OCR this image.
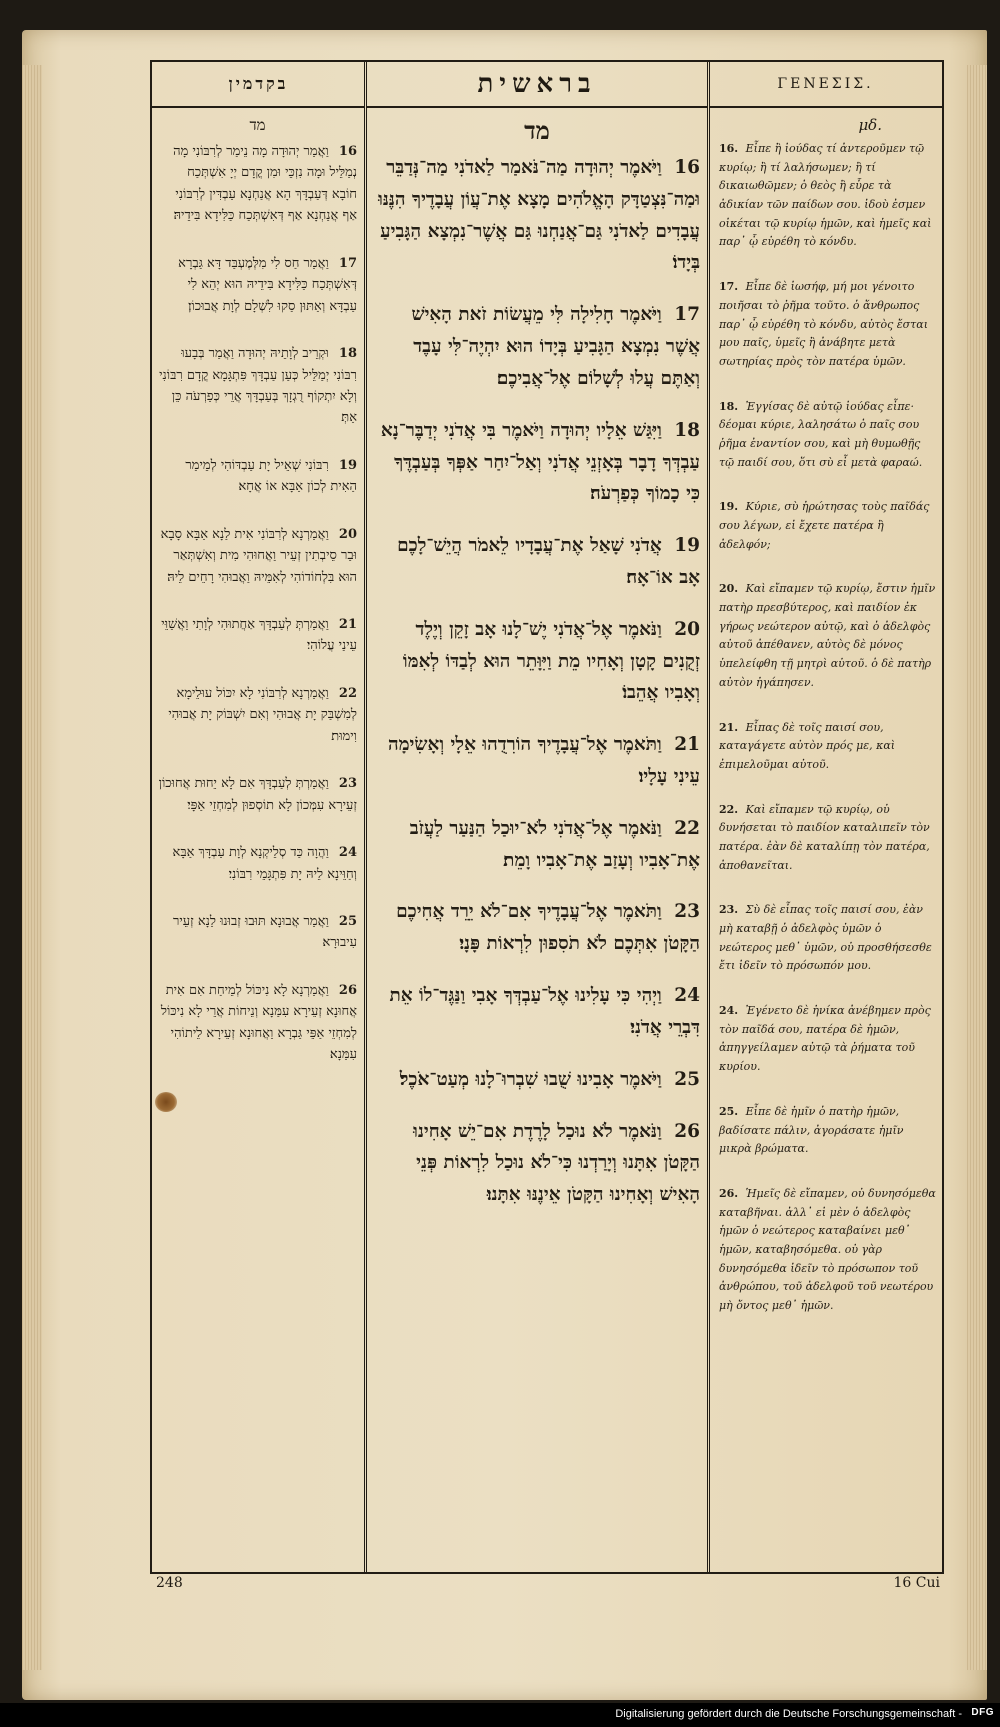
בקדמין	בראשית	ΓΕΝΕΣΙΣ.
מד
16 וַאֲמַר יְהוּדָה מָה נֵימַר לְרִבּוֹנִי מָה נְמַלֵּיל וּמָה נִזְכֵּי וּמִן קֳדָם יְיָ אִשְׁתְּכַח חוֹבָא דְּעַבְדָּךְ הָא אֲנַחְנָא עַבְדִּין לְרִבּוֹנִי אַף אֲנַחְנָא אַף דְּאִשְׁתְּכַח כַּלִּידָא בִּידֵיהּ׃
17 וַאֲמַר חַס לִי מִלְּמֶעְבַּד דָּא גַּבְרָא דְּאִשְׁתְּכַח כַּלִּידָא בִּידֵיהּ הוּא יְהֵא לִי עַבְדָּא וְאַתּוּן סַקוּ לִשְׁלָם לְוָת אֲבוּכוֹן׃
18 וּקְרֵיב לְוָתֵיהּ יְהוּדָה וַאֲמַר בְּבָעוּ רִבּוֹנִי יְמַלֵּיל כְּעַן עַבְדָּךְ פִּתְגָּמָא קֳדָם רִבּוֹנִי וְלָא יִתְקוֹף רֻגְזָךְ בְּעַבְדָּךְ אֲרֵי כְּפַרְעֹה כֵּן אַתְּ׃
19 רִבּוֹנִי שְׁאֵיל יָת עַבְדּוֹהִי לְמֵימַר הַאִית לְכוֹן אַבָּא אוֹ אֲחָא׃
20 וַאֲמַרְנָא לְרִבּוֹנִי אִית לַנָא אַבָּא סָבָא וּבַר סֵיבְתִין זְעֵיר וַאֲחוּהִי מִית וְאִשְׁתְּאַר הוּא בִּלְחוֹדוֹהִי לְאִמֵּיהּ וַאֲבוּהִי רָחֵים לֵיהּ׃
21 וַאֲמַרְתְּ לְעַבְדָּךְ אַחֲתוּהִי לְוָתִי וַאֲשַׁוֵּי עֵינַי עֲלוֹהִי׃
22 וַאֲמַרְנָא לְרִבּוֹנִי לָא יִכּוֹל עוּלֵימָא לְמִשְׁבַּק יָת אֲבוּהִי וְאִם יִשְׁבּוֹק יָת אֲבוּהִי וִימוּת׃
23 וַאֲמַרְתְּ לְעַבְדָּךְ אִם לָא יֵחוּת אֲחוּכוֹן זְעֵירָא עִמְּכוֹן לָא תוֹסְפוּן לְמִחְזֵי אַפָּי׃
24 וַהֲוָה כַּד סְלֵיקְנָא לְוָת עַבְדָּךְ אַבָּא וְחַוֵּינָא לֵיהּ יָת פִּתְגָּמֵי רִבּוֹנִי׃
25 וַאֲמַר אֲבוּנָא תּוּבוּ זְבוּנוּ לַנָא זְעֵיר עִיבוּרָא׃
26 וַאֲמַרְנָא לָא נִיכּוֹל לְמֵיחַת אִם אִית אֲחוּנָא זְעֵירָא עִמַּנָא וְנֵיחוֹת אֲרֵי לָא נִיכּוֹל לְמִחְזֵי אַפֵּי גַּבְרָא וַאֲחוּנָא זְעֵירָא לֵיתוֹהִי עִמַּנָא׃
מד
16 וַיֹּאמֶר יְהוּדָה מַה־נֹּאמַר לַאדֹנִי מַה־נְּדַבֵּר וּמַה־נִּצְטַדָּק הָאֱלֹהִים מָצָא אֶת־עֲוֹן עֲבָדֶיךָ הִנֶּנּוּ עֲבָדִים לַאדֹנִי גַּם־אֲנַחְנוּ גַּם אֲשֶׁר־נִמְצָא הַגָּבִיעַ בְּיָדוֹ׃
17 וַיֹּאמֶר חָלִילָה לִּי מֵעֲשׂוֹת זֹאת הָאִישׁ אֲשֶׁר נִמְצָא הַגָּבִיעַ בְּיָדוֹ הוּא יִהְיֶה־לִּי עָבֶד וְאַתֶּם עֲלוּ לְשָׁלוֹם אֶל־אֲבִיכֶם׃
18 וַיִּגַּשׁ אֵלָיו יְהוּדָה וַיֹּאמֶר בִּי אֲדֹנִי יְדַבֶּר־נָא עַבְדְּךָ דָבָר בְּאָזְנֵי אֲדֹנִי וְאַל־יִחַר אַפְּךָ בְּעַבְדֶּךָ כִּי כָמוֹךָ כְּפַרְעֹה׃
19 אֲדֹנִי שָׁאַל אֶת־עֲבָדָיו לֵאמֹר הֲיֵשׁ־לָכֶם אָב אוֹ־אָח׃
20 וַנֹּאמֶר אֶל־אֲדֹנִי יֶשׁ־לָנוּ אָב זָקֵן וְיֶלֶד זְקֻנִים קָטָן וְאָחִיו מֵת וַיִּוָּתֵר הוּא לְבַדּוֹ לְאִמּוֹ וְאָבִיו אֲהֵבוֹ׃
21 וַתֹּאמֶר אֶל־עֲבָדֶיךָ הוֹרִדֻהוּ אֵלָי וְאָשִׂימָה עֵינִי עָלָיו׃
22 וַנֹּאמֶר אֶל־אֲדֹנִי לֹא־יוּכַל הַנַּעַר לַעֲזֹב אֶת־אָבִיו וְעָזַב אֶת־אָבִיו וָמֵת׃
23 וַתֹּאמֶר אֶל־עֲבָדֶיךָ אִם־לֹא יֵרֵד אֲחִיכֶם הַקָּטֹן אִתְּכֶם לֹא תֹסִפוּן לִרְאוֹת פָּנָי׃
24 וַיְהִי כִּי עָלִינוּ אֶל־עַבְדְּךָ אָבִי וַנַּגֶּד־לוֹ אֵת דִּבְרֵי אֲדֹנִי׃
25 וַיֹּאמֶר אָבִינוּ שֻׁבוּ שִׁבְרוּ־לָנוּ מְעַט־אֹכֶל׃
26 וַנֹּאמֶר לֹא נוּכַל לָרֶדֶת אִם־יֵשׁ אָחִינוּ הַקָּטֹן אִתָּנוּ וְיָרַדְנוּ כִּי־לֹא נוּכַל לִרְאוֹת פְּנֵי הָאִישׁ וְאָחִינוּ הַקָּטֹן אֵינֶנּוּ אִתָּנוּ׃
μδ.
16. Εἶπε ἢ ἰούδας τί ἀντεροῦμεν τῷ κυρίῳ; ἢ τί λαλήσωμεν; ἢ τί δικαιωθῶμεν; ὁ θεὸς ἢ εὗρε τὰ ἀδικίαν τῶν παίδων σου. ἰδοὺ ἐσμεν οἰκέται τῷ κυρίῳ ἡμῶν, καὶ ἡμεῖς καὶ παρ᾽ ᾧ εὑρέθη τὸ κόνδυ.
17. Εἶπε δὲ ἰωσήφ, μή μοι γένοιτο ποιῆσαι τὸ ῥῆμα τοῦτο. ὁ ἄνθρωπος παρ᾽ ᾧ εὑρέθη τὸ κόνδυ, αὐτὸς ἔσται μου παῖς, ὑμεῖς ἢ ἀνάβητε μετὰ σωτηρίας πρὸς τὸν πατέρα ὑμῶν.
18. Ἐγγίσας δὲ αὐτῷ ἰούδας εἶπε· δέομαι κύριε, λαλησάτω ὁ παῖς σου ῥῆμα ἐναντίον σου, καὶ μὴ θυμωθῇς τῷ παιδί σου, ὅτι σὺ εἶ μετὰ φαραώ.
19. Κύριε, σὺ ἠρώτησας τοὺς παῖδάς σου λέγων, εἰ ἔχετε πατέρα ἢ ἀδελφόν;
20. Καὶ εἴπαμεν τῷ κυρίῳ, ἔστιν ἡμῖν πατὴρ πρεσβύτερος, καὶ παιδίον ἐκ γήρως νεώτερον αὐτῷ, καὶ ὁ ἀδελφὸς αὐτοῦ ἀπέθανεν, αὐτὸς δὲ μόνος ὑπελείφθη τῇ μητρὶ αὐτοῦ. ὁ δὲ πατὴρ αὐτὸν ἠγάπησεν.
21. Εἶπας δὲ τοῖς παισί σου, καταγάγετε αὐτὸν πρός με, καὶ ἐπιμελοῦμαι αὐτοῦ.
22. Καὶ εἴπαμεν τῷ κυρίῳ, οὐ δυνήσεται τὸ παιδίον καταλιπεῖν τὸν πατέρα. ἐὰν δὲ καταλίπῃ τὸν πατέρα, ἀποθανεῖται.
23. Σὺ δὲ εἶπας τοῖς παισί σου, ἐὰν μὴ καταβῇ ὁ ἀδελφὸς ὑμῶν ὁ νεώτερος μεθ᾽ ὑμῶν, οὐ προσθήσεσθε ἔτι ἰδεῖν τὸ πρόσωπόν μου.
24. Ἐγένετο δὲ ἡνίκα ἀνέβημεν πρὸς τὸν παῖδά σου, πατέρα δὲ ἡμῶν, ἀπηγγείλαμεν αὐτῷ τὰ ῥήματα τοῦ κυρίου.
25. Εἶπε δὲ ἡμῖν ὁ πατὴρ ἡμῶν, βαδίσατε πάλιν, ἀγοράσατε ἡμῖν μικρὰ βρώματα.
26. Ἡμεῖς δὲ εἴπαμεν, οὐ δυνησόμεθα καταβῆναι. ἀλλ᾽ εἰ μὲν ὁ ἀδελφὸς ἡμῶν ὁ νεώτερος καταβαίνει μεθ᾽ ἡμῶν, καταβησόμεθα. οὐ γὰρ δυνησόμεθα ἰδεῖν τὸ πρόσωπον τοῦ ἀνθρώπου, τοῦ ἀδελφοῦ τοῦ νεωτέρου μὴ ὄντος μεθ᾽ ἡμῶν.
248	16 Cui
Digitalisierung gefördert durch die Deutsche Forschungsgemeinschaft - DFG
